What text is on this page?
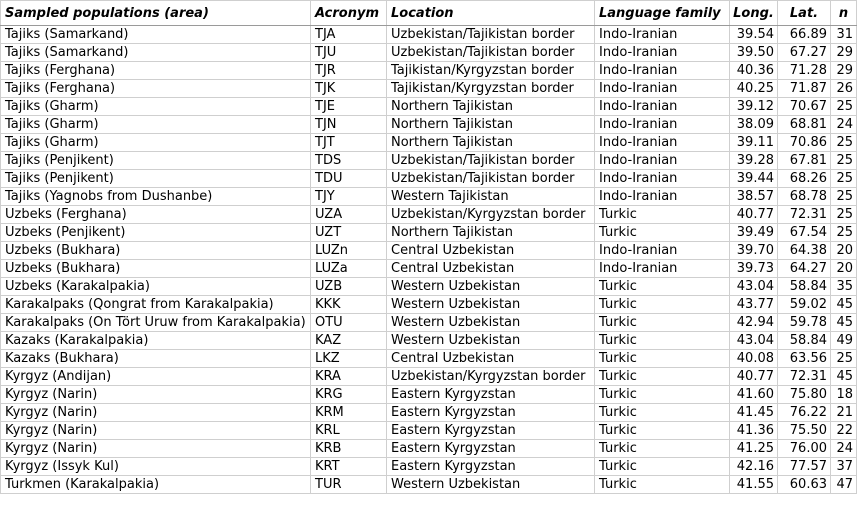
Sampled populations (area)	Acronym	Location	Language family	Long.	Lat.	n
Tajiks (Samarkand)	TJA	Uzbekistan/Tajikistan border	Indo-Iranian	39.54	66.89	31
Tajiks (Samarkand)	TJU	Uzbekistan/Tajikistan border	Indo-Iranian	39.50	67.27	29
Tajiks (Ferghana)	TJR	Tajikistan/Kyrgyzstan border	Indo-Iranian	40.36	71.28	29
Tajiks (Ferghana)	TJK	Tajikistan/Kyrgyzstan border	Indo-Iranian	40.25	71.87	26
Tajiks (Gharm)	TJE	Northern Tajikistan	Indo-Iranian	39.12	70.67	25
Tajiks (Gharm)	TJN	Northern Tajikistan	Indo-Iranian	38.09	68.81	24
Tajiks (Gharm)	TJT	Northern Tajikistan	Indo-Iranian	39.11	70.86	25
Tajiks (Penjikent)	TDS	Uzbekistan/Tajikistan border	Indo-Iranian	39.28	67.81	25
Tajiks (Penjikent)	TDU	Uzbekistan/Tajikistan border	Indo-Iranian	39.44	68.26	25
Tajiks (Yagnobs from Dushanbe)	TJY	Western Tajikistan	Indo-Iranian	38.57	68.78	25
Uzbeks (Ferghana)	UZA	Uzbekistan/Kyrgyzstan border	Turkic	40.77	72.31	25
Uzbeks (Penjikent)	UZT	Northern Tajikistan	Turkic	39.49	67.54	25
Uzbeks (Bukhara)	LUZn	Central Uzbekistan	Indo-Iranian	39.70	64.38	20
Uzbeks (Bukhara)	LUZa	Central Uzbekistan	Indo-Iranian	39.73	64.27	20
Uzbeks (Karakalpakia)	UZB	Western Uzbekistan	Turkic	43.04	58.84	35
Karakalpaks (Qongrat from Karakalpakia)	KKK	Western Uzbekistan	Turkic	43.77	59.02	45
Karakalpaks (On Tört Uruw from Karakalpakia)	OTU	Western Uzbekistan	Turkic	42.94	59.78	45
Kazaks (Karakalpakia)	KAZ	Western Uzbekistan	Turkic	43.04	58.84	49
Kazaks (Bukhara)	LKZ	Central Uzbekistan	Turkic	40.08	63.56	25
Kyrgyz (Andijan)	KRA	Uzbekistan/Kyrgyzstan border	Turkic	40.77	72.31	45
Kyrgyz (Narin)	KRG	Eastern Kyrgyzstan	Turkic	41.60	75.80	18
Kyrgyz (Narin)	KRM	Eastern Kyrgyzstan	Turkic	41.45	76.22	21
Kyrgyz (Narin)	KRL	Eastern Kyrgyzstan	Turkic	41.36	75.50	22
Kyrgyz (Narin)	KRB	Eastern Kyrgyzstan	Turkic	41.25	76.00	24
Kyrgyz (Issyk Kul)	KRT	Eastern Kyrgyzstan	Turkic	42.16	77.57	37
Turkmen (Karakalpakia)	TUR	Western Uzbekistan	Turkic	41.55	60.63	47
